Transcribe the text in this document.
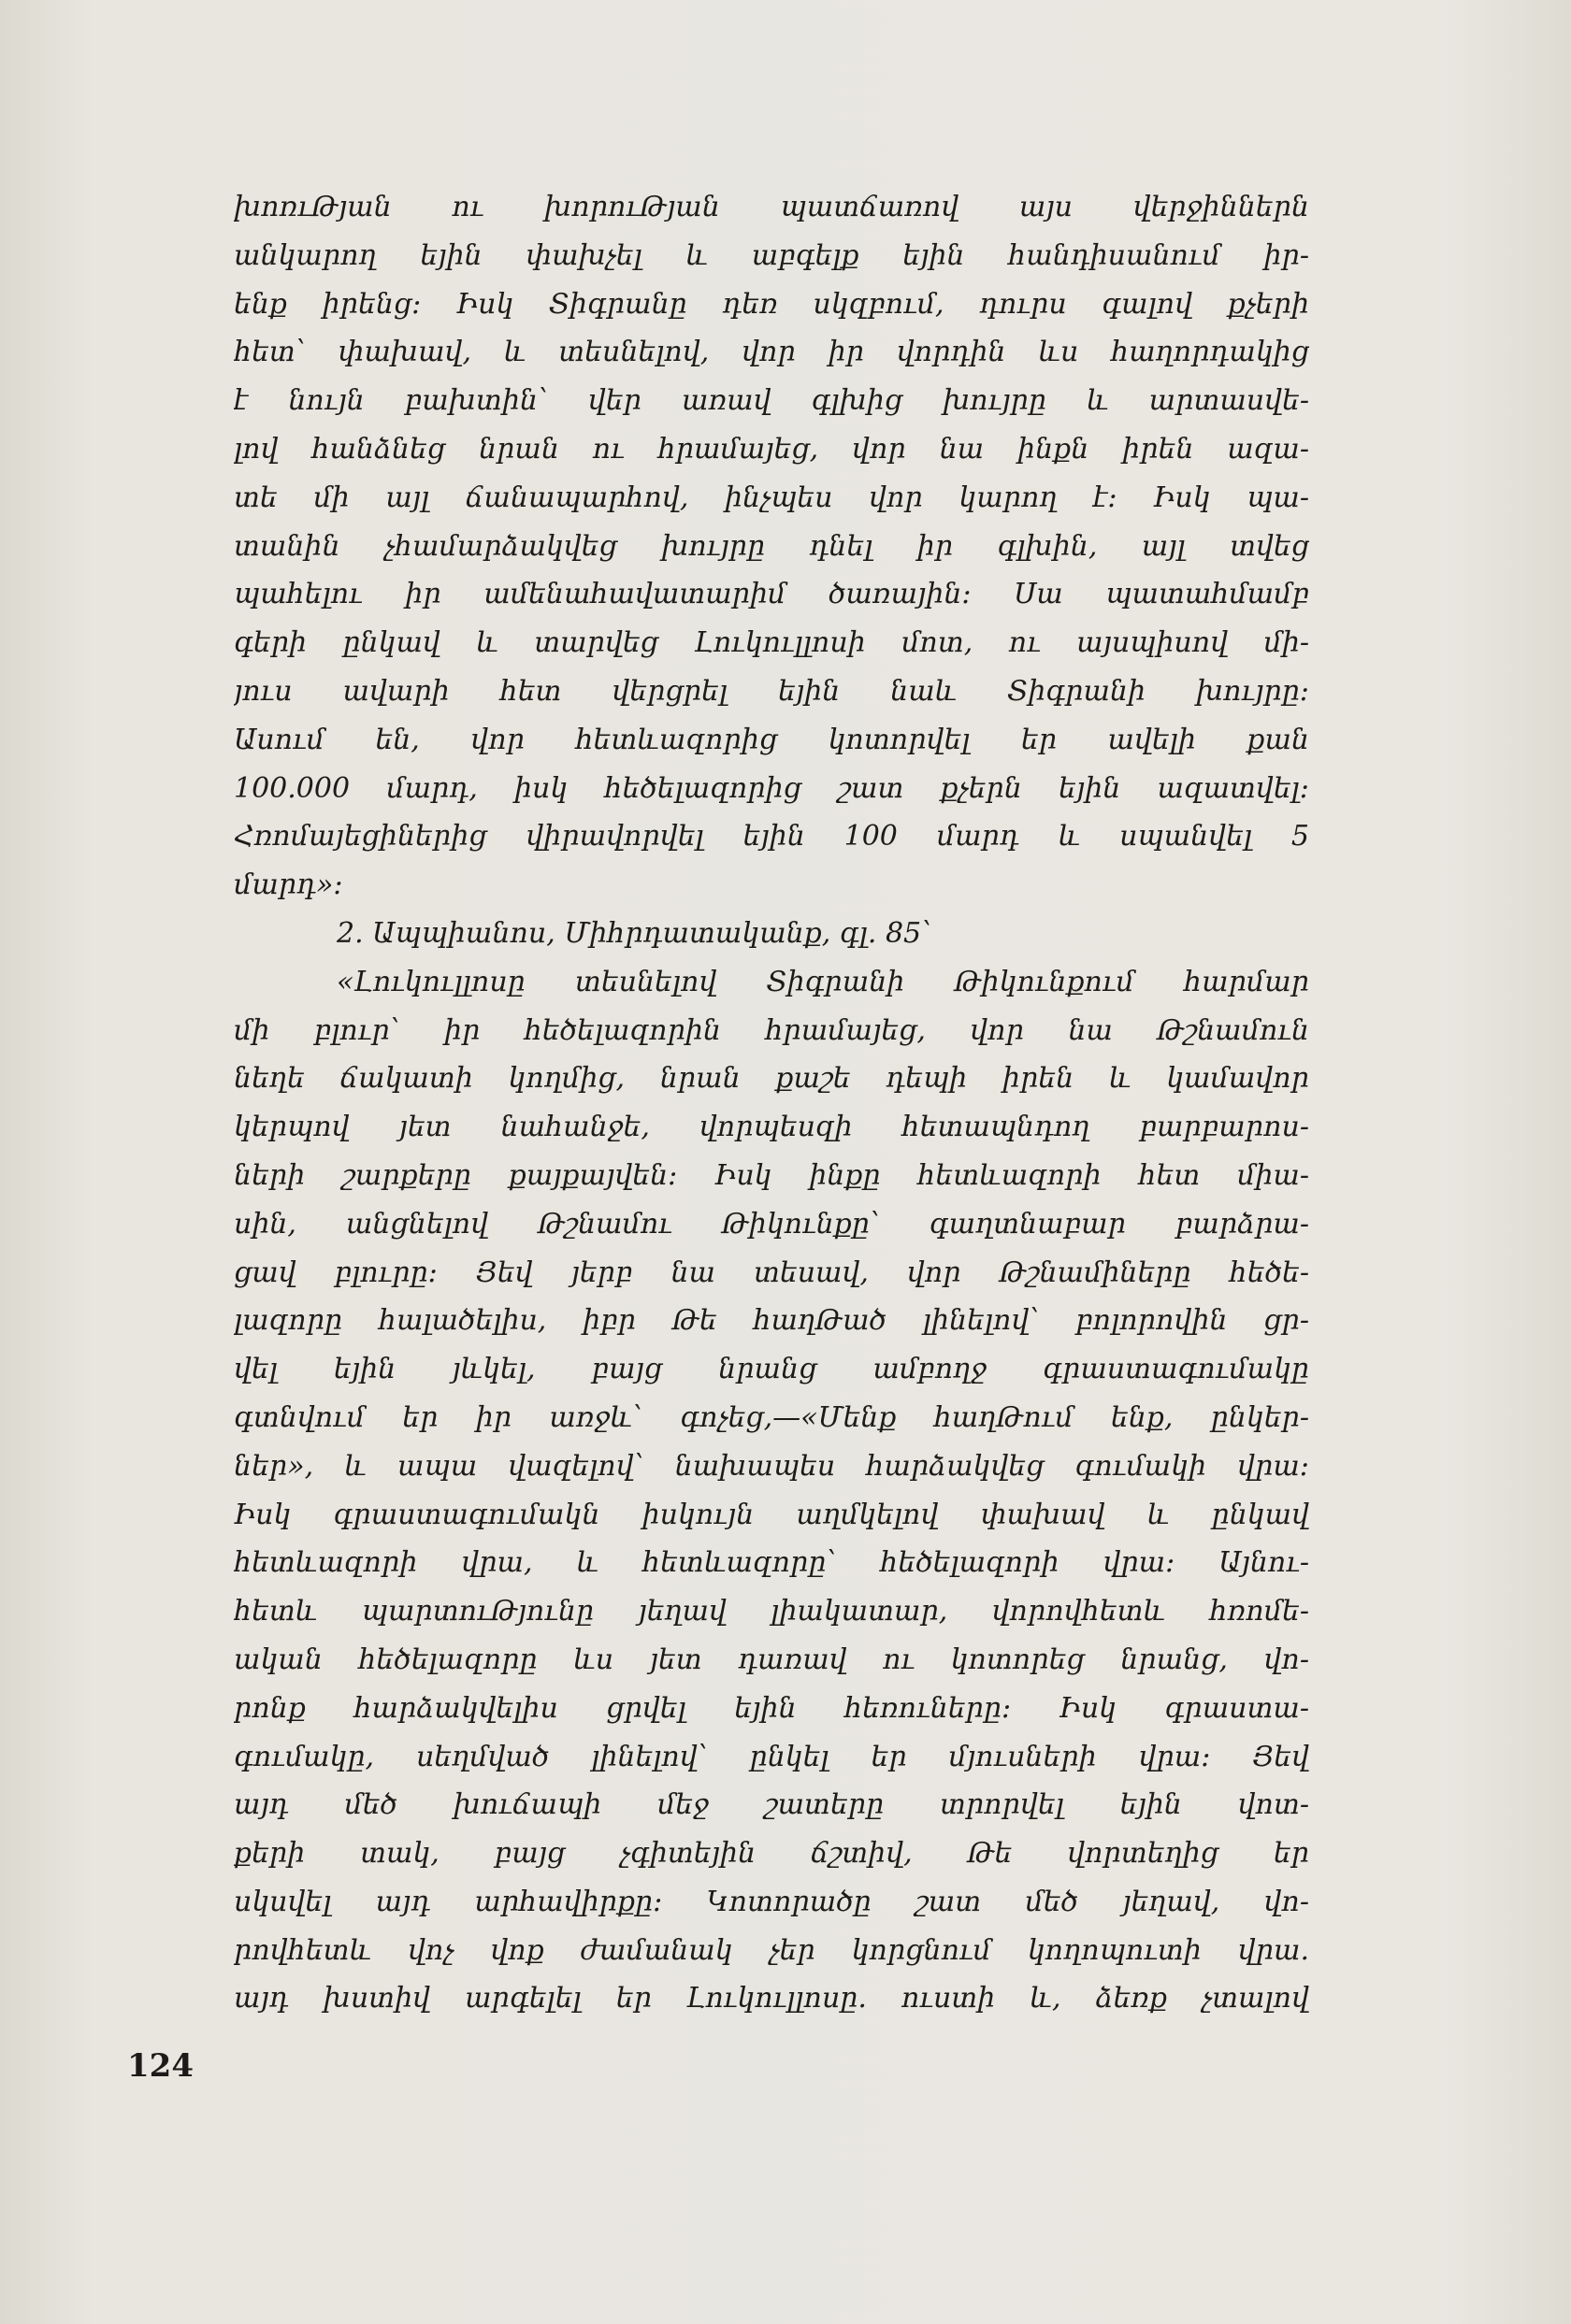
խոռւԹյան ու խորուԹյան պատճառով այս վերջիններն
անկարող եյին փախչել և աբգելք եյին հանդիսանում իր-
ենք իրենց։ Իսկ Տիգրանը դեռ սկզբում, դուրս գալով քչերի
հետ՝ փախավ, և տեսնելով, վոր իր վորդին ևս հաղորդակից
է նույն բախտին՝ վեր առավ գլխից խույրը և արտասվե-
լով հանձնեց նրան ու հրամայեց, վոր նա ինքն իրեն ազա-
տե մի այլ ճանապարհով, ինչպես վոր կարող է։ Իսկ պա-
տանին չհամարձակվեց խույրը դնել իր գլխին, այլ տվեց
պահելու իր ամենահավատարիմ ծառային։ Սա պատահմամբ
գերի ընկավ և տարվեց Լուկուլլոսի մոտ, ու այսպիսով մի-
յուս ավարի հետ վերցրել եյին նաև Տիգրանի խույրը։
Ասում են, վոր հետևազորից կոտորվել եր ավելի քան
100.000 մարդ, իսկ հեծելազորից շատ քչերն եյին ազատվել։
Հռոմայեցիներից վիրավորվել եյին 100 մարդ և սպանվել 5
մարդ»։
2. Ապպիանոս, Միհրդատականք, գլ. 85՝
«Լուկուլլոսը տեսնելով Տիգրանի Թիկունքում հարմար
մի բլուր՝ իր հեծելազորին հրամայեց, վոր նա Թշնամուն
նեղե ճակատի կողմից, նրան քաշե դեպի իրեն և կամավոր
կերպով յետ նահանջե, վորպեսզի հետապնդող բարբարոս-
ների շարքերը քայքայվեն։ Իսկ ինքը հետևազորի հետ միա-
սին, անցնելով Թշնամու Թիկունքը՝ գաղտնաբար բարձրա-
ցավ բլուրը։ Յեվ յերբ նա տեսավ, վոր Թշնամիները հեծե-
լազորը հալածելիս, իբր Թե հաղԹած լինելով՝ բոլորովին ցր-
վել եյին յևկել, բայց նրանց ամբողջ գրաստագումակը
գտնվում եր իր առջև՝ գոչեց,—«Մենք հաղԹում ենք, ընկեր-
ներ», և ապա վազելով՝ նախապես հարձակվեց գումակի վրա։
Իսկ գրաստագումակն իսկույն աղմկելով փախավ և ընկավ
հետևազորի վրա, և հետևազորը՝ հեծելազորի վրա։ Այնու-
հետև պարտուԹյունը յեղավ լիակատար, վորովհետև հռոմե-
ական հեծելազորը ևս յետ դառավ ու կոտորեց նրանց, վո-
րոնք հարձակվելիս ցրվել եյին հեռուները։ Իսկ գրաստա-
գումակը, սեղմված լինելով՝ ընկել եր մյուսների վրա։ Յեվ
այդ մեծ խուճապի մեջ շատերը տրորվել եյին վոտ-
քերի տակ, բայց չգիտեյին ճշտիվ, Թե վորտեղից եր
սկսվել այդ արհավիրքը։ Կոտորածը շատ մեծ յեղավ, վո-
րովհետև վոչ վոք ժամանակ չեր կորցնում կողոպուտի վրա.
այդ խստիվ արգելել եր Լուկուլլոսը. ուստի և, ձեռք չտալով
124
